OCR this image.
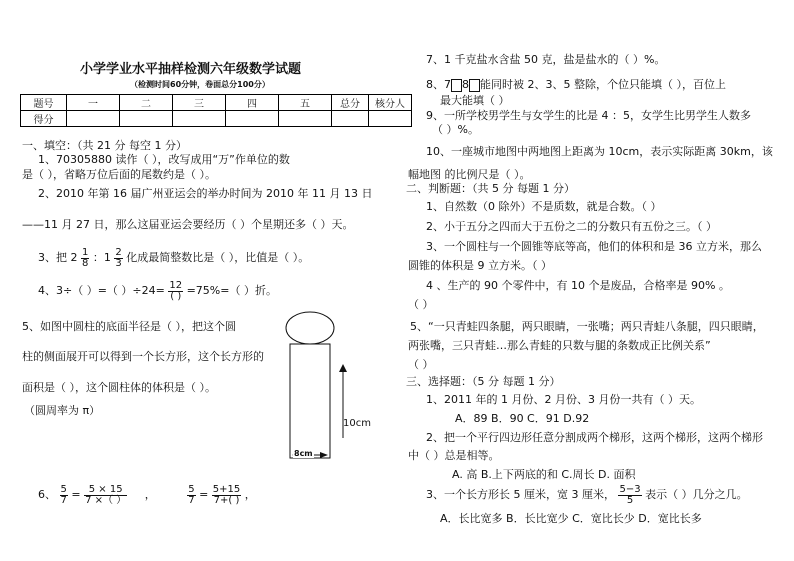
小学学业水平抽样检测六年级数学试题
（检测时间60分钟，卷面总分100分）
题号	一	二	三	四	五	总分	核分人
得分							
一、填空：（共 21 分 每空 1 分）
1、70305880 读作（ ），改写成用“万”作单位的数
是（ ），省略万位后面的尾数约是（ ）。
2、2010 年第 16 届广州亚运会的举办时间为 2010 年 11 月 13 日
——11 月 27 日，那么这届亚运会要经历（ ）个星期还多（ ）天。
3、把 $2 \frac{1}{8}$ ：$1 \frac{2}{3}$ 化成最简整数比是（ ），比值是（ ）。
4、3÷（ ）=（ ）$\div 24= \frac{12}{( )} =75\%=$（ ）折。
5、如图中圆柱的底面半径是（ ），把这个圆
柱的侧面展开可以得到一个长方形，这个长方形的
面积是（ ），这个圆柱体的体积是（ ）。
（圆周率为 π）
10cm
8cm
6、 $\frac{5}{7} = \frac{5 \times 15}{7 \times( )}$ ，	$\frac{5}{7} = \frac{5+15}{7+( )}$ ，
7、1 千克盐水含盐 50 克，盐是盐水的（ ）%。
8、7 8 能同时被 2、3、5 整除，个位只能填（ ），百位上
最大能填（ ）
9、一所学校男学生与女学生的比是 4 ：5，女学生比男学生人数多
（ ）%。
10、一座城市地图中两地图上距离为 10cm，表示实际距离 30km，该
幅地图 的比例尺是（ ）。
二、判断题：（共 5 分 每题 1 分）
1、自然数（0 除外）不是质数，就是合数。（ ）
2、小于五分之四而大于五份之二的分数只有五份之三。（ ）
3、一个圆柱与一个圆锥等底等高，他们的体积和是 36 立方米，那么
圆锥的体积是 9 立方米。（ ）
4 、生产的 90 个零件中，有 10 个是废品，合格率是 90% 。
（ ）
5、“一只青蛙四条腿，两只眼睛，一张嘴；两只青蛙八条腿，四只眼睛，
两张嘴，三只青蛙…那么青蛙的只数与腿的条数成正比例关系”
（ ）
三、选择题：（5 分 每题 1 分）
1、2011 年的 1 月份、2 月份、3 月份一共有（ ）天。
A．89 B．90 C．91 D.92
2、把一个平行四边形任意分割成两个梯形，这两个梯形，这两个梯形
中（ ）总是相等。
A. 高 B.上下两底的和 C.周长 D. 面积
3、一个长方形长 5 厘米，宽 3 厘米， $\frac{5-3}{5}$ 表示（ ）几分之几。
A．长比宽多 B．长比宽少 C．宽比长少 D．宽比长多
